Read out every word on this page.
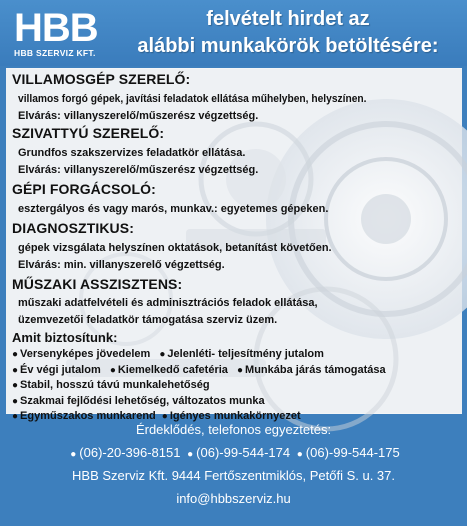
HBB
HBB SZERVIZ KFT.
felvételt hirdet az
alábbi munkakörök betöltésére:
VILLAMOSGÉP SZERELŐ:
villamos forgó gépek, javítási feladatok ellátása műhelyben, helyszínen.
Elvárás: villanyszerelő/műszerész végzettség.
SZIVATTYÚ SZERELŐ:
Grundfos szakszervizes feladatkör ellátása.
Elvárás: villanyszerelő/műszerész végzettség.
GÉPI FORGÁCSOLÓ:
esztergályos és vagy marós, munkav.: egyetemes gépeken.
DIAGNOSZTIKUS:
gépek vizsgálata helyszínen oktatások, betanítást követően.
Elvárás: min. villanyszerelő végzettség.
MŰSZAKI ASSZISZTENS:
műszaki adatfelvételi és adminisztrációs feladok ellátása,
üzemvezetői feladatkör támogatása szerviz üzem.
Amit biztosítunk:
● Versenyképes jövedelem ● Jelenléti- teljesítmény jutalom
● Év végi jutalom ● Kiemelkedő cafetéria ● Munkába járás támogatása
● Stabil, hosszú távú munkalehetőség
● Szakmai fejlődési lehetőség, változatos munka
● Egyműszakos munkarend ● Igényes munkakörnyezet
Érdeklődés, telefonos egyeztetés:
● (06)-20-396-8151 ● (06)-99-544-174 ● (06)-99-544-175
HBB Szerviz Kft. 9444 Fertőszentmiklós, Petőfi S. u. 37.
info@hbbszerviz.hu
